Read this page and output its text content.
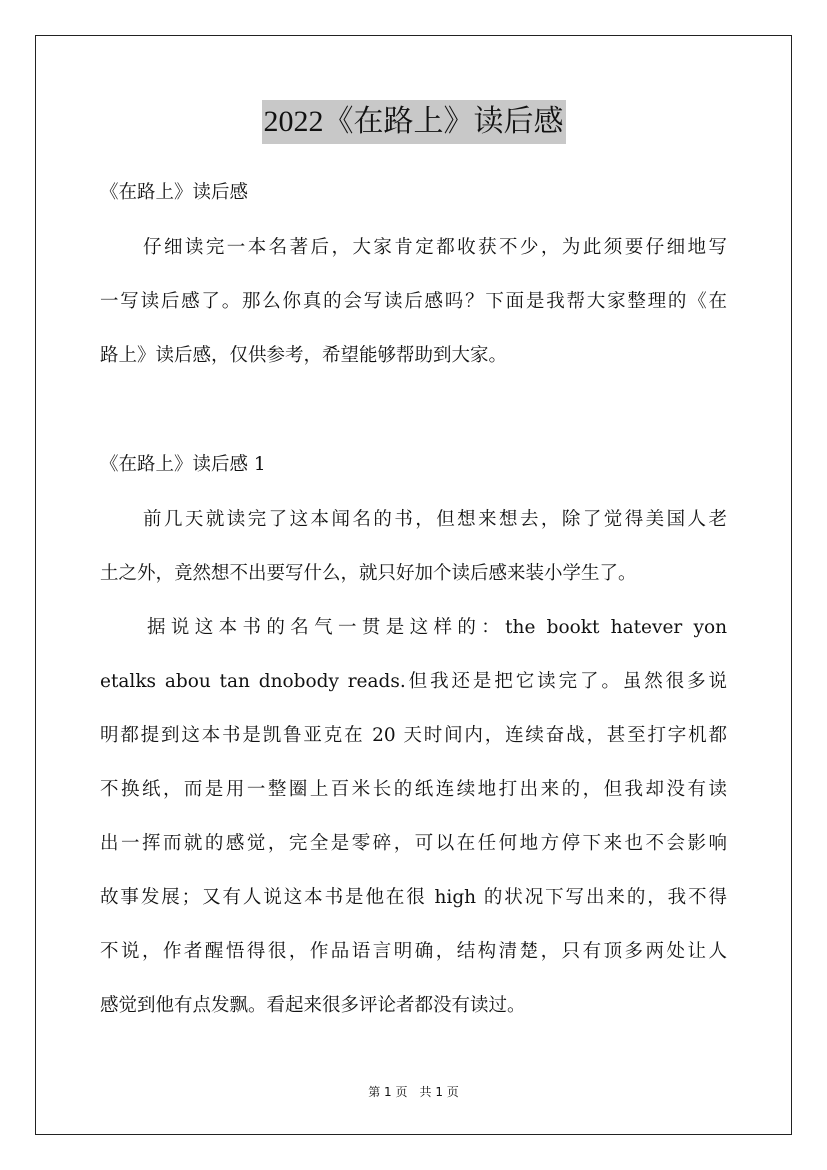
2022《在路上》读后感
《在路上》读后感
仔细读完一本名著后，大家肯定都收获不少，为此须要仔细地写
一写读后感了。那么你真的会写读后感吗？下面是我帮大家整理的《在
路上》读后感，仅供参考，希望能够帮助到大家。
《在路上》读后感 1
前几天就读完了这本闻名的书，但想来想去，除了觉得美国人老
土之外，竟然想不出要写什么，就只好加个读后感来装小学生了。
据说这本书的名气一贯是这样的：the bookt hatever yon
etalks abou tan dnobody reads.但我还是把它读完了。虽然很多说
明都提到这本书是凯鲁亚克在 20 天时间内，连续奋战，甚至打字机都
不换纸，而是用一整圈上百米长的纸连续地打出来的，但我却没有读
出一挥而就的感觉，完全是零碎，可以在任何地方停下来也不会影响
故事发展；又有人说这本书是他在很 high 的状况下写出来的，我不得
不说，作者醒悟得很，作品语言明确，结构清楚，只有顶多两处让人
感觉到他有点发飘。看起来很多评论者都没有读过。
第 1 页　共 1 页
